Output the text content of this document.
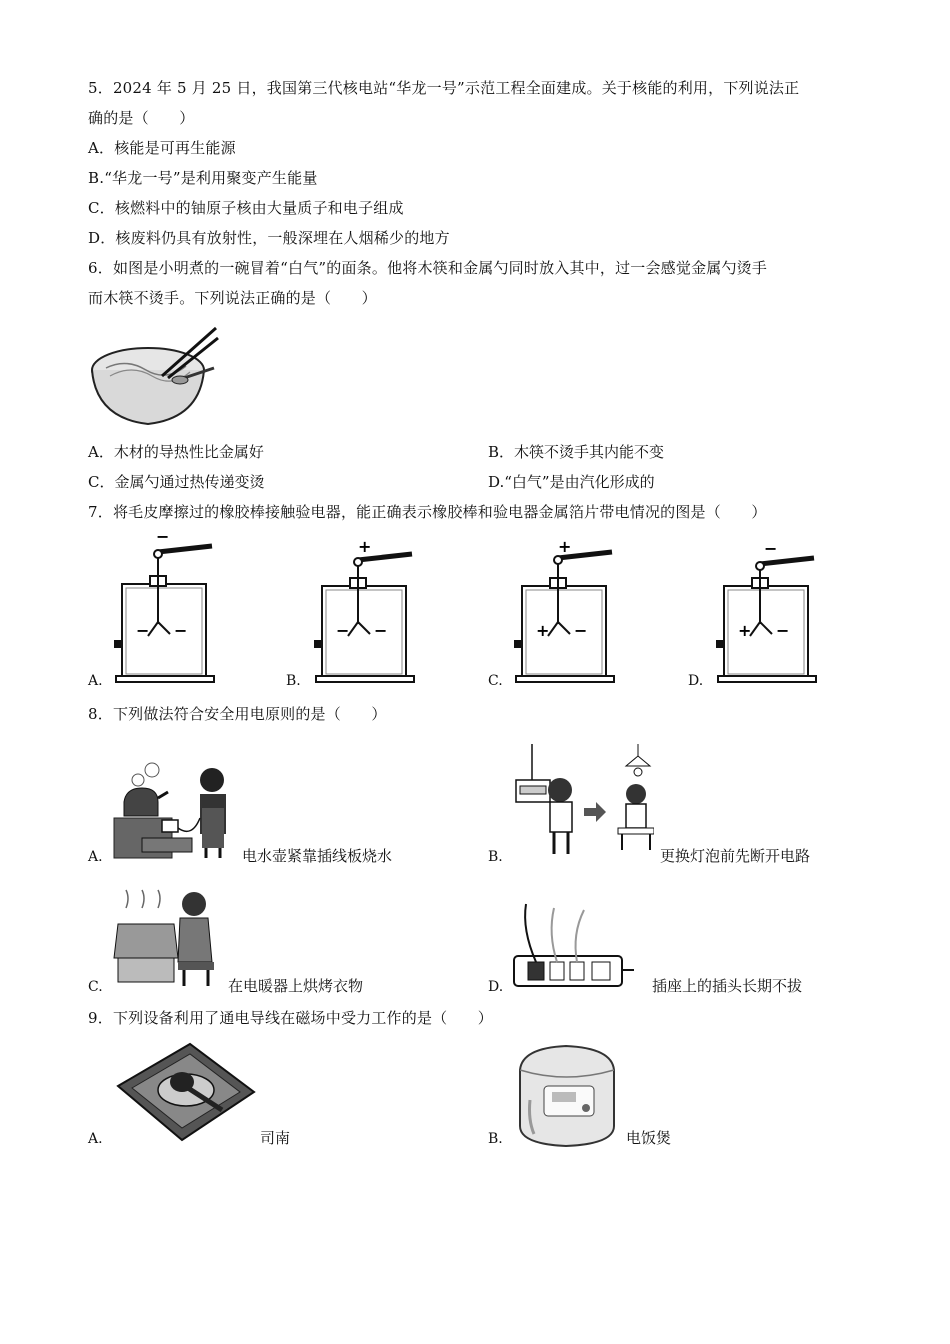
5．2024 年 5 月 25 日，我国第三代核电站“华龙一号”示范工程全面建成。关于核能的利用，下列说法正
确的是（　　）
A．核能是可再生能源
B.“华龙一号”是利用聚变产生能量
C．核燃料中的铀原子核由大量质子和电子组成
D．核废料仍具有放射性，一般深埋在人烟稀少的地方
6．如图是小明煮的一碗冒着“白气”的面条。他将木筷和金属勺同时放入其中，过一会感觉金属勺烫手
而木筷不烫手。下列说法正确的是（　　）
A．木材的导热性比金属好	B．木筷不烫手其内能不变
C．金属勺通过热传递变烫	D.“白气”是由汽化形成的
7．将毛皮摩擦过的橡胶棒接触验电器，能正确表示橡胶棒和验电器金属箔片带电情况的图是（　　）
A.
−
− −
B.
+
− −
C.
+
+ −
D.
−
+ −
8．下列做法符合安全用电原则的是（　　）
A.	电水壶紧靠插线板烧水	B.	更换灯泡前先断开电路
C.	在电暖器上烘烤衣物	D.	插座上的插头长期不拔
9．下列设备利用了通电导线在磁场中受力工作的是（　　）
A.	司南	B.	电饭煲
